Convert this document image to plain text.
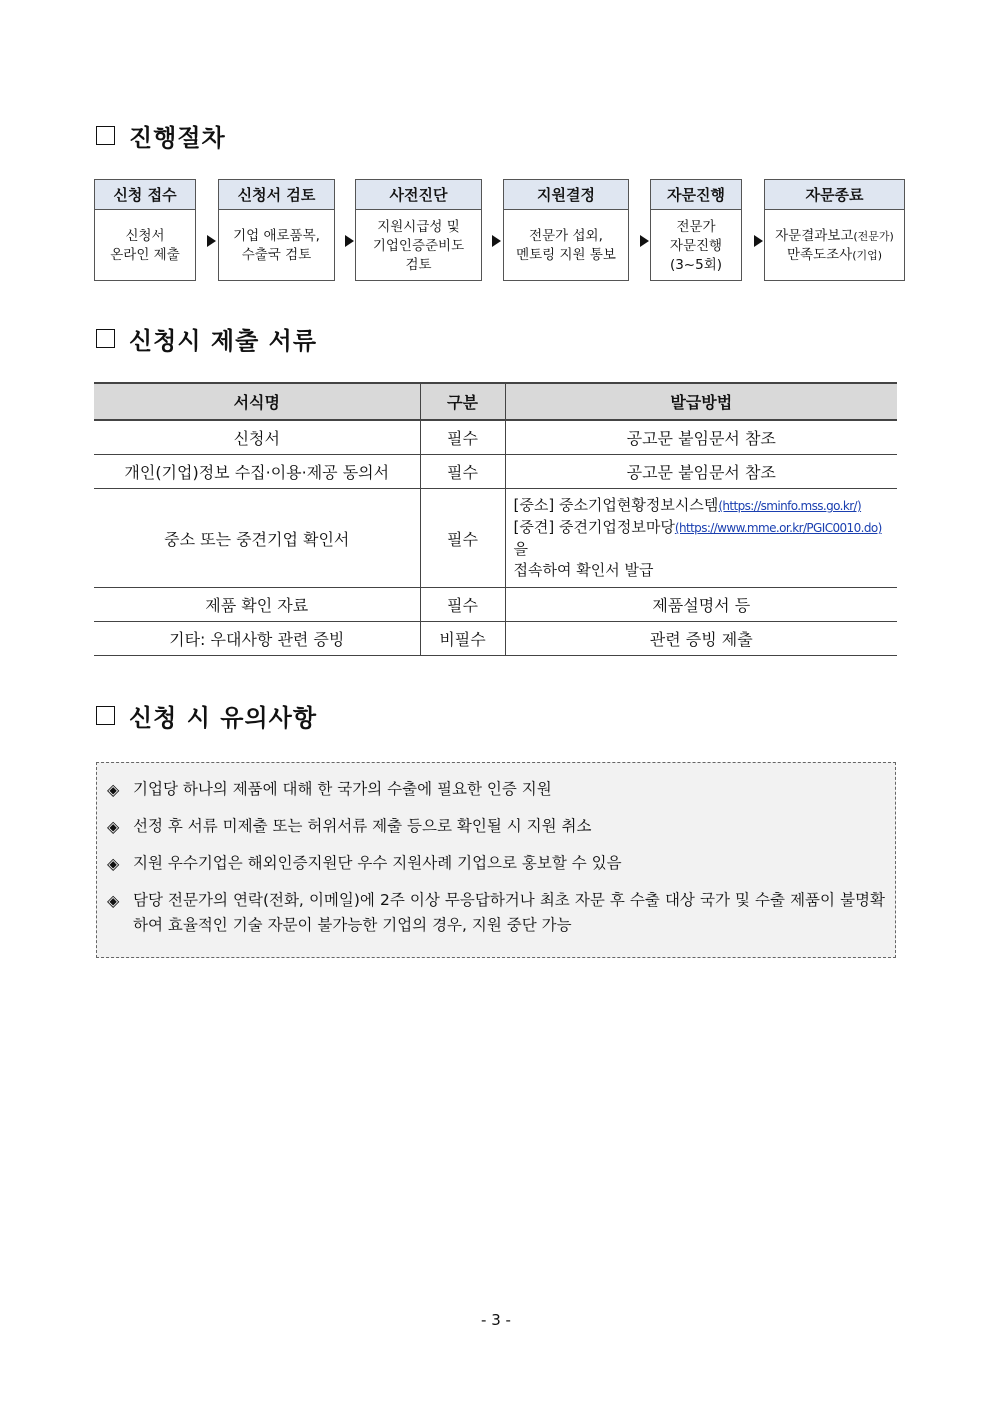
진행절차
신청 접수
신청서
온라인 제출
신청서 검토
기업 애로품목,
수출국 검토
사전진단
지원시급성 및
기업인증준비도
검토
지원결정
전문가 섭외,
멘토링 지원 통보
자문진행
전문가
자문진행
(3~5회)
자문종료
자문결과보고(전문가)
만족도조사(기업)
신청시 제출 서류
서식명	구분	발급방법
신청서	필수	공고문 붙임문서 참조
개인(기업)정보 수집·이용·제공 동의서	필수	공고문 붙임문서 참조
중소 또는 중견기업 확인서	필수	[중소] 중소기업현황정보시스템(https://sminfo.mss.go.kr/)
[중견] 중견기업정보마당(https://www.mme.or.kr/PGIC0010.do)을
접속하여 확인서 발급

제품 확인 자료	필수	제품설명서 등
기타: 우대사항 관련 증빙	비필수	관련 증빙 제출
신청 시 유의사항
◈ 기업당 하나의 제품에 대해 한 국가의 수출에 필요한 인증 지원
◈ 선정 후 서류 미제출 또는 허위서류 제출 등으로 확인될 시 지원 취소
◈ 지원 우수기업은 해외인증지원단 우수 지원사례 기업으로 홍보할 수 있음
◈ 담당 전문가의 연락(전화, 이메일)에 2주 이상 무응답하거나 최초 자문 후 수출 대상 국가 및 수출 제품이 불명확하여 효율적인 기술 자문이 불가능한 기업의 경우, 지원 중단 가능
- 3 -
